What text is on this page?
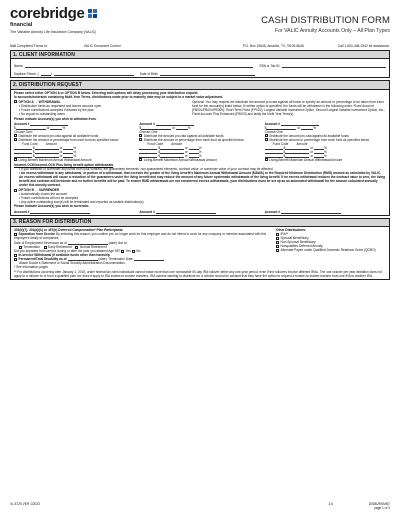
corebridge
financial
The Variable Annuity Life Insurance Company (VALIC)
CASH DISTRIBUTION FORM
For VALIC Annuity Accounts Only – All Plan Types
Mail Completed Forms to:	VALIC Document Control	P.O. Box 15648, Amarillo, TX 79105-5648	Call 1-800-448-2542 for assistance.
1. CLIENT INFORMATION
Name:	SSN or Tax ID:
Daytime Phone: (	)	Date of Birth:
2. DISTRIBUTION REQUEST
Please select either OPTION A or OPTION B below. Selecting both options will delay processing your distribution request.
In accounts/contracts containing Multi-Year Terms, distributions made prior to maturity date may be subject to a market value adjustment.
OPTION A → WITHDRAWAL
• Distribution funds as requested and leaves account open
• Future contributions accepted if allowed by the plan
• No impact to outstanding loans
Optional: You may request we distribute the amount pro-rata against all funds or specify an amount or percentage to be taken from each fund for the account(s) listed below. If neither option is specified, the funds will be withdrawn in the following order: Fixed Account (FB001/FB004/FB009); Short Term Fixed (FP002); Largest Variable Investment Option, Second Largest Variable Investment Option, etc., Fixed Account Plus Enhanced (FB003) and lastly the Multi-Year Term(s).
Please indicate Account(s) you wish to withdraw from.
Account #
$	or	%
Choose One:
Distribute the amount pro-rata against all available funds
Distribute the amount or percentage from each fund as specified below
Fund Code Amount
$	or	%
$	or	%
$	or	%
Living-Benefit Maximum Annual Withdrawal Amount
Account #
$	or	%
Choose One:
Distribute the amount pro-rata against all available funds
Distribute the amount or percentage from each fund as specified below
Fund Code Amount
$	or	%
$	or	%
$	or	%
Living-Benefit Maximum Annual Withdrawal Amount
Account #
$	or	%
Choose One:
Distribute the amount pro-rata against all available funds
Distribute the amount or percentage from each fund as specified below
Fund Code Amount
$	or	%
$	or	%
$	or	%
Living-Benefit Maximum Annual Withdrawal Amount
IncomeLOCK/IncomeLOCK Plus living benefit option withdrawals
• If you withdraw or surrender any funds from your contract, the guaranteed elements, non-guaranteed elements, contract value, or surrender value of your contract may be affected.
• An excess withdrawal is any withdrawal, or portion of a withdrawal, that exceeds the greater of the living benefit's Maximum Annual Withdrawal Amount (MAWA) or the Required Minimum Distribution (RMD) amount as calculated by VALIC. An excess withdrawal will cause a reduction of the guarantees under the living benefit and may reduce the amount of any future systematic withdrawals of the living benefit. If an excess withdrawal reduces the contract value to zero, the living benefit and contract will terminate and no further benefits will be paid. To ensure RMD withdrawals are not considered excess withdrawals, your distributions must be set up as an automated withdrawal for the amount calculated annually under this annuity contract.
OPTION B → SURRENDER
• Automatically closes the account
• Future contributions will not be accepted
• Any active outstanding loan(s) will be terminated and reported as taxable distribution(s)
Please indicate Account(s) you wish to surrender.
Account #	Account #	Account #
3. REASON FOR DISTRIBUTION
403(b)(7), 401(a)/(k) or 457(b) Deferred Compensation* Plan Participants:
Separation from Service By selecting this reason, you confirm you no longer work for this employer and do not intend to work for any company or member associated with this employer's family of companies.
Date of Employment Severance as of	(date) due to:
Termination	Early Retirement	Normal Retirement
Did you separate from service during or after the year you attained Age 55? Yes No
In-service Withdrawal (if available funds other than hardship
Permanent/Total Disability as of	(date). Termination Date:
Attach Doctor's Statement or Social Security Administration Documentation.
* See information pages
Other Distributions:
IRA**
Spousal Beneficiary
Non-Spousal Beneficiary
Nonqualified Deferred Annuity
Alternate Payee under Qualified Domestic Relations Order (QDRO)
** For distributions occurring after January 1, 2015, under federal tax rules individuals cannot make more than one nontaxable 60-day IRA rollover within any one-year period, even if the rollovers involve different IRAs. The one rollover per year limitation does not apply to a rollover to or from a qualified plan nor does it apply to IRA trustee-to-trustee transfers. IRA owners wanting to distribute for a rollover should be advised that they have the option to request a trustee-to-trustee transfer from one IRA to another IRA.
VL 8725 VER 1/2023	2.6	DISBURSMNT
page 1 of 3
